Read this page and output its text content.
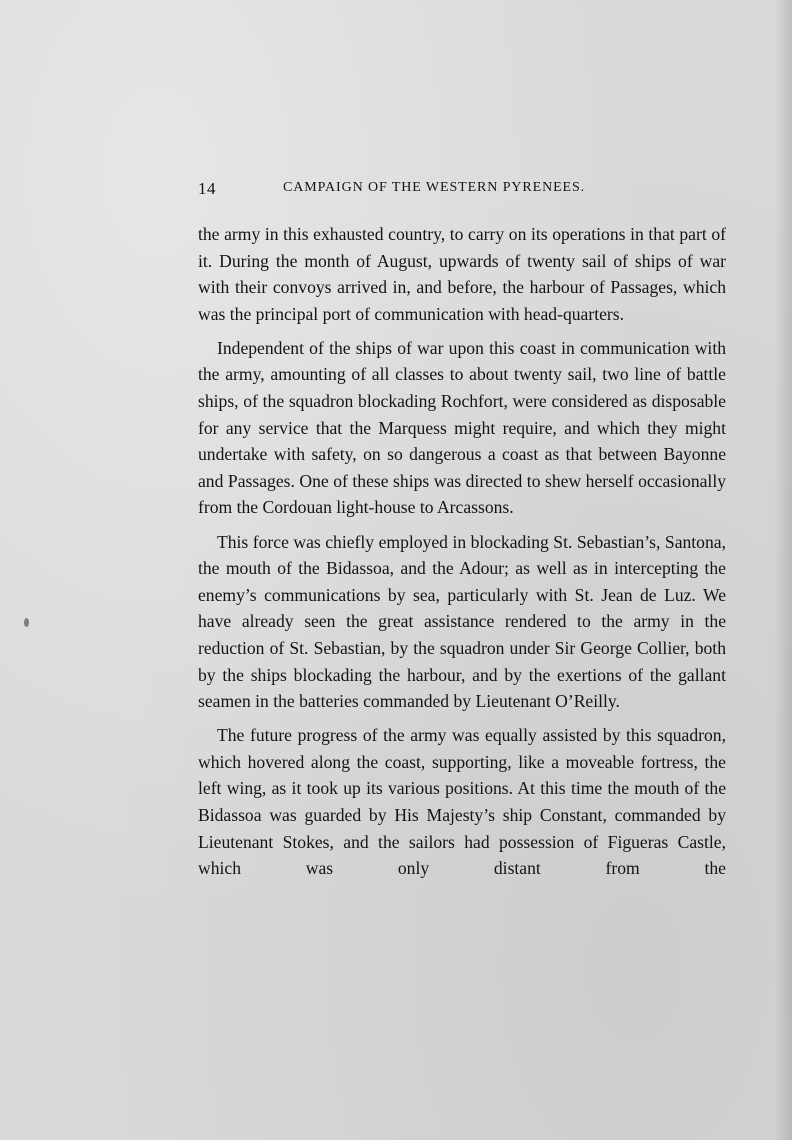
14	CAMPAIGN OF THE WESTERN PYRENEES.

the army in this exhausted country, to carry on its operations in that part of it. During the month of August, upwards of twenty sail of ships of war with their convoys arrived in, and before, the harbour of Passages, which was the principal port of communication with head-quarters.

Independent of the ships of war upon this coast in communication with the army, amounting of all classes to about twenty sail, two line of battle ships, of the squadron blockading Rochfort, were considered as disposable for any service that the Marquess might require, and which they might undertake with safety, on so dangerous a coast as that between Bayonne and Passages. One of these ships was directed to shew herself occasionally from the Cordouan light-house to Arcassons.

This force was chiefly employed in blockading St. Sebastian’s, Santona, the mouth of the Bidassoa, and the Adour; as well as in intercepting the enemy’s communications by sea, particularly with St. Jean de Luz. We have already seen the great assistance rendered to the army in the reduction of St. Sebastian, by the squadron under Sir George Collier, both by the ships blockading the harbour, and by the exertions of the gallant seamen in the batteries commanded by Lieutenant O’Reilly.

The future progress of the army was equally assisted by this squadron, which hovered along the coast, supporting, like a moveable fortress, the left wing, as it took up its various positions. At this time the mouth of the Bidassoa was guarded by His Majesty’s ship Constant, commanded by Lieutenant Stokes, and the sailors had possession of Figueras Castle, which was only distant from the
